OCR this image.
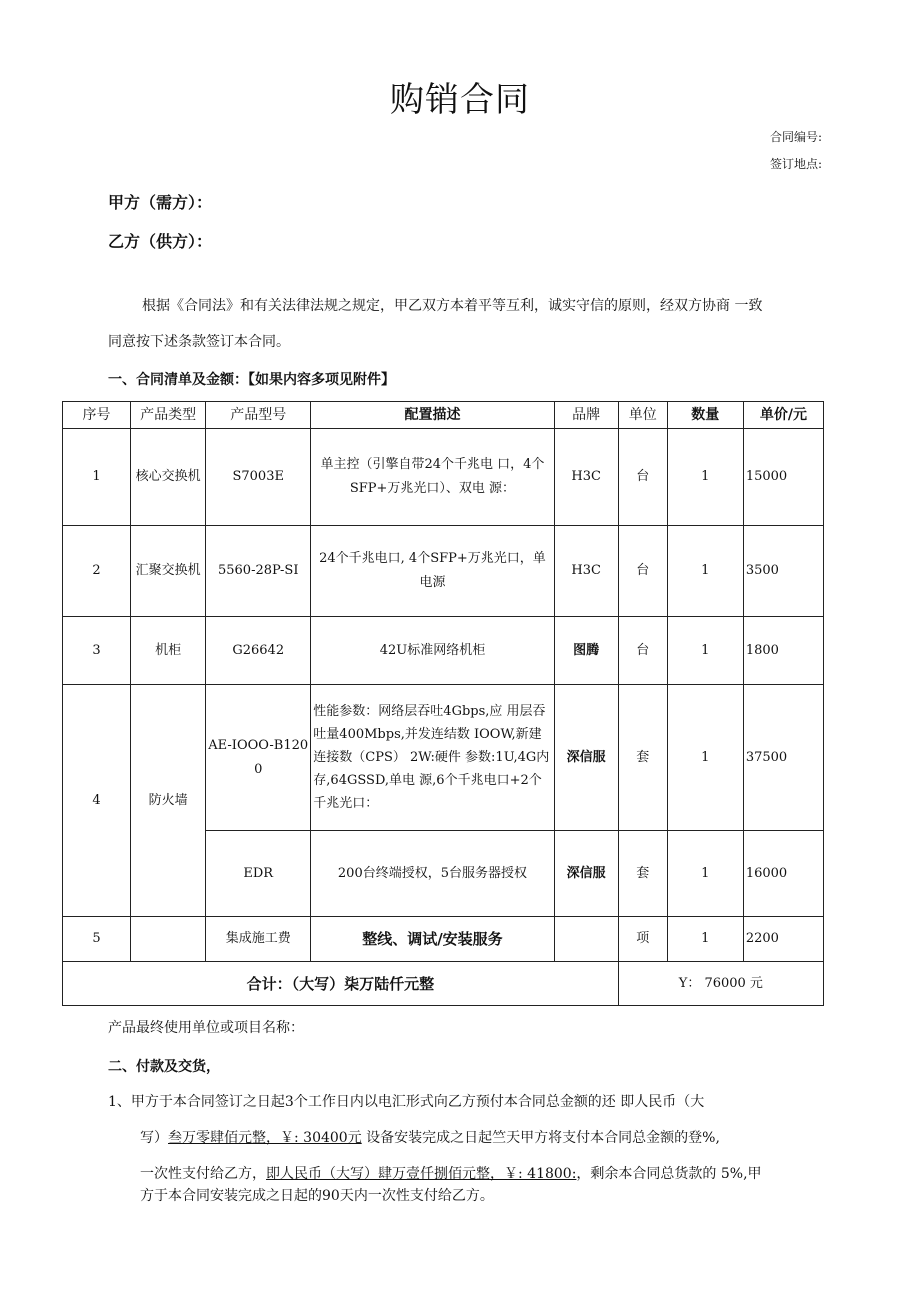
购销合同
合同编号:
签订地点:
甲方（需方）：
乙方（供方）：
根据《合同法》和有关法律法规之规定，甲乙双方本着平等互利，诚实守信的原则，经双方协商 一致
同意按下述条款签订本合同。
一、合同清单及金额：【如果内容多项见附件】
序号	产品类型	产品型号	配置描述	品牌	单位	数量	单价/元
1	核心交换机	S7003E	单主控（引擎自带24个千兆电 口，4个SFP+万兆光口）、双电 源：	H3C	台	1	15000
2	汇聚交换机	5560-28P-SI	24个千兆电口, 4个SFP+万兆光口，单电源	H3C	台	1	3500
3	机柜	G26642	42U标准网络机柜	图腾	台	1	1800
4	防火墙	AE-IOOO-B1200	性能参数：网络层吞吐4Gbps,应 用层吞吐量400Mbps,并发连结数 IOOW,新建连接数（CPS） 2W:硬件 参数:1U,4G内存,64GSSD,单电 源,6个千兆电口+2个千兆光口：	深信服	套	1	37500
		EDR	200台终端授权，5台服务器授权	深信服	套	1	16000
5		集成施工费	整线、调试/安装服务		项	1	2200
合计：（大写）柒万陆仟元整					Y： 76000 元		
产品最终使用单位或项目名称：
二、付款及交货，
1、甲方于本合同签订之日起3个工作日内以电汇形式向乙方预付本合同总金额的还 即人民币（大
写）叁万零肆佰元整，￥: 30400元 设备安装完成之日起竺天甲方将支付本合同总金额的登%,
一次性支付给乙方，即人民币（大写）肆万壹仟捌佰元整，￥: 41800:，剩余本合同总货款的 5%,甲
方于本合同安装完成之日起的90天内一次性支付给乙方。
